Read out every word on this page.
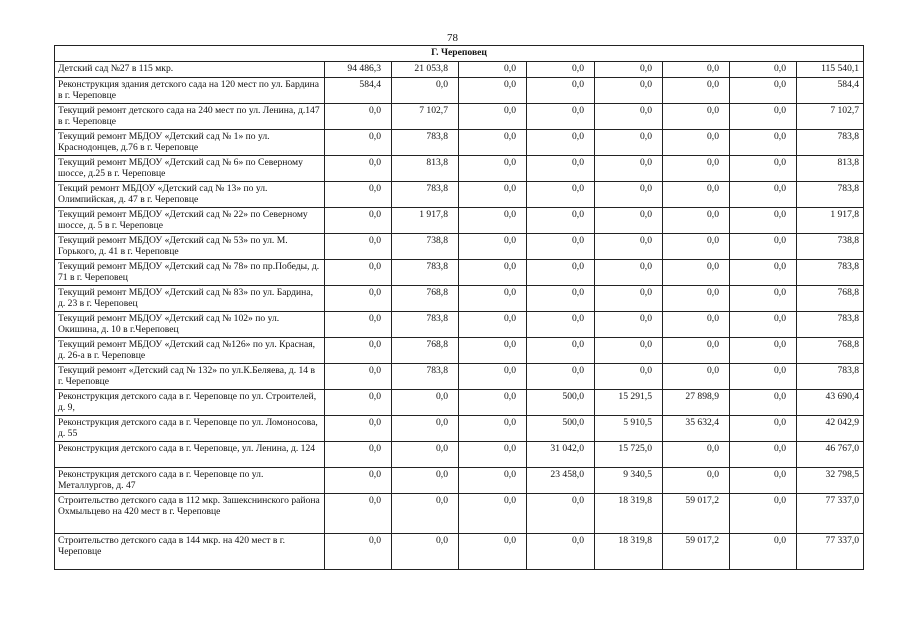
78
Г. Череповец								
Детский сад №27 в 115 мкр.	94 486,3	21 053,8	0,0	0,0	0,0	0,0	0,0	115 540,1
Реконструкция здания детского сада на 120 мест по ул. Бардина в г. Череповце	584,4	0,0	0,0	0,0	0,0	0,0	0,0	584,4
Текущий ремонт детского сада на 240 мест по ул. Ленина, д.147 в г. Череповце	0,0	7 102,7	0,0	0,0	0,0	0,0	0,0	7 102,7
Текущий ремонт МБДОУ «Детский сад № 1» по ул. Краснодонцев, д.76 в г. Череповце	0,0	783,8	0,0	0,0	0,0	0,0	0,0	783,8
Текущий ремонт МБДОУ «Детский сад № 6» по Северному шоссе, д.25 в г. Череповце	0,0	813,8	0,0	0,0	0,0	0,0	0,0	813,8
Текций ремонт МБДОУ «Детский сад № 13» по ул. Олимпийская, д. 47 в г. Череповце	0,0	783,8	0,0	0,0	0,0	0,0	0,0	783,8
Текущий ремонт МБДОУ «Детский сад № 22» по Северному шоссе, д. 5 в г. Череповце	0,0	1 917,8	0,0	0,0	0,0	0,0	0,0	1 917,8
Текущий ремонт МБДОУ «Детский сад № 53» по ул. М. Горького, д. 41 в г. Череповце	0,0	738,8	0,0	0,0	0,0	0,0	0,0	738,8
Текущий ремонт МБДОУ «Детский сад № 78» по пр.Победы, д. 71 в г. Череповец	0,0	783,8	0,0	0,0	0,0	0,0	0,0	783,8
Текущий ремонт МБДОУ «Детский сад № 83» по ул. Бардина, д. 23 в г. Череповец	0,0	768,8	0,0	0,0	0,0	0,0	0,0	768,8
Текущий ремонт МБДОУ «Детский сад № 102» по ул. Окишина, д. 10 в г.Череповец	0,0	783,8	0,0	0,0	0,0	0,0	0,0	783,8
Текущий ремонт МБДОУ «Детский сад №126» по ул. Красная, д. 26-а в г. Череповце	0,0	768,8	0,0	0,0	0,0	0,0	0,0	768,8
Текущий ремонт «Детский сад № 132» по ул.К.Беляева, д. 14 в г. Череповце	0,0	783,8	0,0	0,0	0,0	0,0	0,0	783,8
Реконструкция детского сада в г. Череповце по ул. Строителей, д. 9,	0,0	0,0	0,0	500,0	15 291,5	27 898,9	0,0	43 690,4
Реконструкция детского сада в г. Череповце по ул. Ломоносова, д. 55	0,0	0,0	0,0	500,0	5 910,5	35 632,4	0,0	42 042,9
Реконструкция детского сада в г. Череповце, ул. Ленина, д. 124	0,0	0,0	0,0	31 042,0	15 725,0	0,0	0,0	46 767,0
Реконструкция детского сада в г. Череповце по ул. Металлургов, д. 47	0,0	0,0	0,0	23 458,0	9 340,5	0,0	0,0	32 798,5
Строительство детского сада в 112 мкр. Зашекснинского района Охмыльцево на 420 мест в г. Череповце	0,0	0,0	0,0	0,0	18 319,8	59 017,2	0,0	77 337,0
Строительство детского сада в 144 мкр. на 420 мест в г. Череповце	0,0	0,0	0,0	0,0	18 319,8	59 017,2	0,0	77 337,0
